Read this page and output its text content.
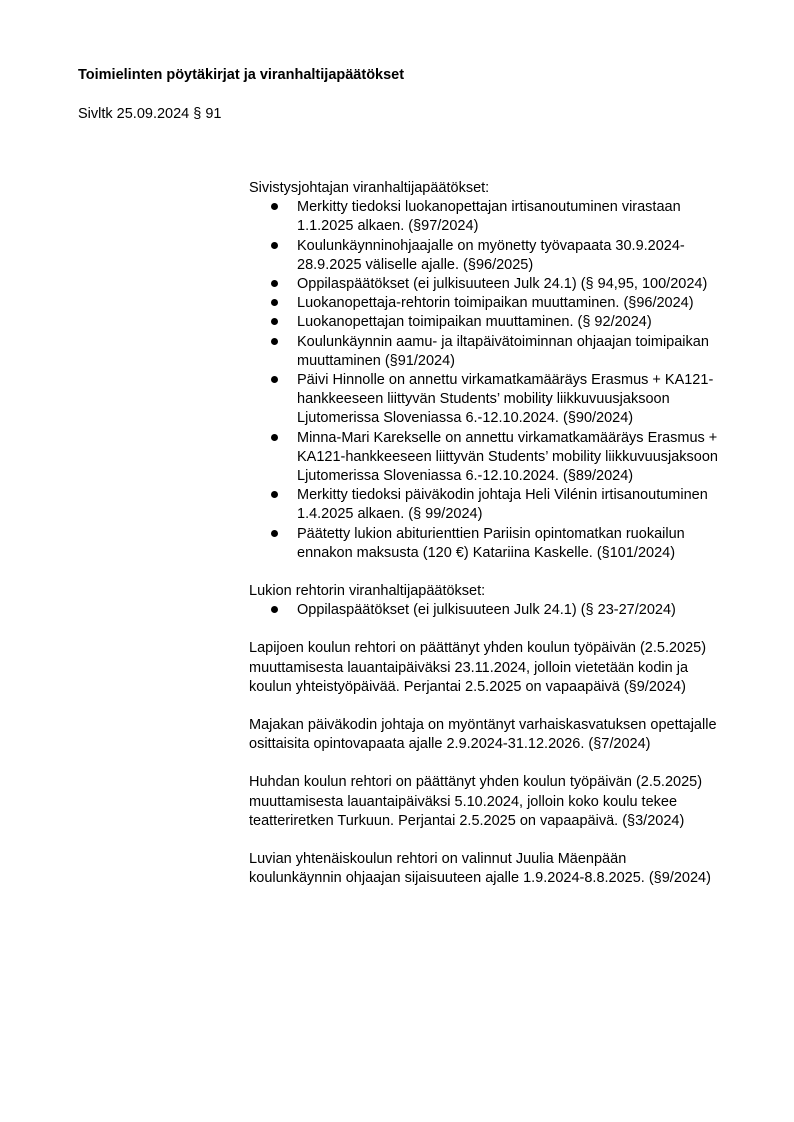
Toimielinten pöytäkirjat ja viranhaltijapäätökset
Sivltk 25.09.2024 § 91

Sivistysjohtajan viranhaltijapäätökset:

Merkitty tiedoksi luokanopettajan irtisanoutuminen virastaan 1.1.2025 alkaen. (§97/2024)
Koulunkäynninohjaajalle on myönetty työvapaata 30.9.2024-28.9.2025 väliselle ajalle. (§96/2025)
Oppilaspäätökset (ei julkisuuteen Julk 24.1) (§ 94,95, 100/2024)
Luokanopettaja-rehtorin toimipaikan muuttaminen. (§96/2024)
Luokanopettajan toimipaikan muuttaminen. (§ 92/2024)
Koulunkäynnin aamu- ja iltapäivätoiminnan ohjaajan toimipaikan muuttaminen (§91/2024)
Päivi Hinnolle on annettu virkamatkamääräys Erasmus + KA121-hankkeeseen liittyvän Students’ mobility liikkuvuusjaksoon Ljutomerissa Sloveniassa 6.-12.10.2024. (§90/2024)
Minna-Mari Karekselle on annettu virkamatkamääräys Erasmus + KA121-hankkeeseen liittyvän Students’ mobility liikkuvuusjaksoon Ljutomerissa Sloveniassa 6.-12.10.2024. (§89/2024)
Merkitty tiedoksi päiväkodin johtaja Heli Vilénin irtisanoutuminen 1.4.2025 alkaen. (§ 99/2024)
Päätetty lukion abiturienttien Pariisin opintomatkan ruokailun ennakon maksusta (120 €) Katariina Kaskelle. (§101/2024)

Lukion rehtorin viranhaltijapäätökset:

Oppilaspäätökset (ei julkisuuteen Julk 24.1) (§ 23-27/2024)

Lapijoen koulun rehtori on päättänyt yhden koulun työpäivän (2.5.2025) muuttamisesta lauantaipäiväksi 23.11.2024, jolloin vietetään kodin ja koulun yhteistyöpäivää. Perjantai 2.5.2025 on vapaapäivä (§9/2024)

Majakan päiväkodin johtaja on myöntänyt varhaiskasvatuksen opettajalle osittaisita opintovapaata ajalle 2.9.2024-31.12.2026. (§7/2024)

Huhdan koulun rehtori on päättänyt yhden koulun työpäivän (2.5.2025) muuttamisesta lauantaipäiväksi 5.10.2024, jolloin koko koulu tekee teatteriretken Turkuun. Perjantai 2.5.2025 on vapaapäivä. (§3/2024)

Luvian yhtenäiskoulun rehtori on valinnut Juulia Mäenpään koulunkäynnin ohjaajan sijaisuuteen ajalle 1.9.2024-8.8.2025. (§9/2024)
